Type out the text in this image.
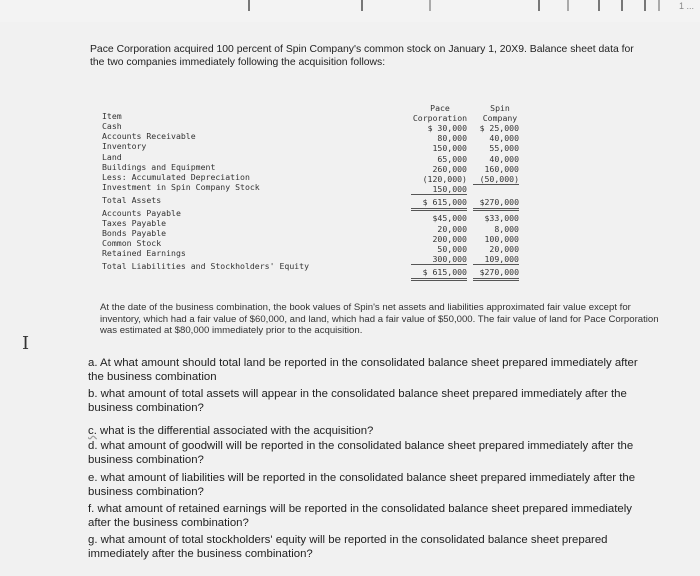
1 ...
Pace Corporation acquired 100 percent of Spin Company's common stock on January 1, 20X9. Balance sheet data for the two companies immediately following the acquisition follows:
Item
Cash
Accounts Receivable
Inventory
Land
Buildings and Equipment
Less: Accumulated Depreciation
Investment in Spin Company Stock
Total Assets
Accounts Payable
Taxes Payable
Bonds Payable
Common Stock
Retained Earnings
Total Liabilities and Stockholders' Equity
Pace
Corporation
Spin
Company
$ 30,000
80,000
150,000
65,000
260,000
(120,000)
150,000
$ 615,000
$45,000
20,000
200,000
50,000
300,000
$ 615,000
$ 25,000
40,000
55,000
40,000
160,000
(50,000)
$270,000
$33,000
8,000
100,000
20,000
109,000
$270,000
At the date of the business combination, the book values of Spin's net assets and liabilities approximated fair value except for inventory, which had a fair value of $60,000, and land, which had a fair value of $50,000. The fair value of land for Pace Corporation was estimated at $80,000 immediately prior to the acquisition.
I
a. At what amount should total land be reported in the consolidated balance sheet prepared immediately after the business combination
b. what amount of total assets will appear in the consolidated balance sheet prepared immediately after the business combination?
c. what is the differential associated with the acquisition?
d. what amount of goodwill will be reported in the consolidated balance sheet prepared immediately after the business combination?
e. what amount of liabilities will be reported in the consolidated balance sheet prepared immediately after the business combination?
f. what amount of retained earnings will be reported in the consolidated balance sheet prepared immediately after the business combination?
g. what amount of total stockholders' equity will be reported in the consolidated balance sheet prepared immediately after the business combination?
